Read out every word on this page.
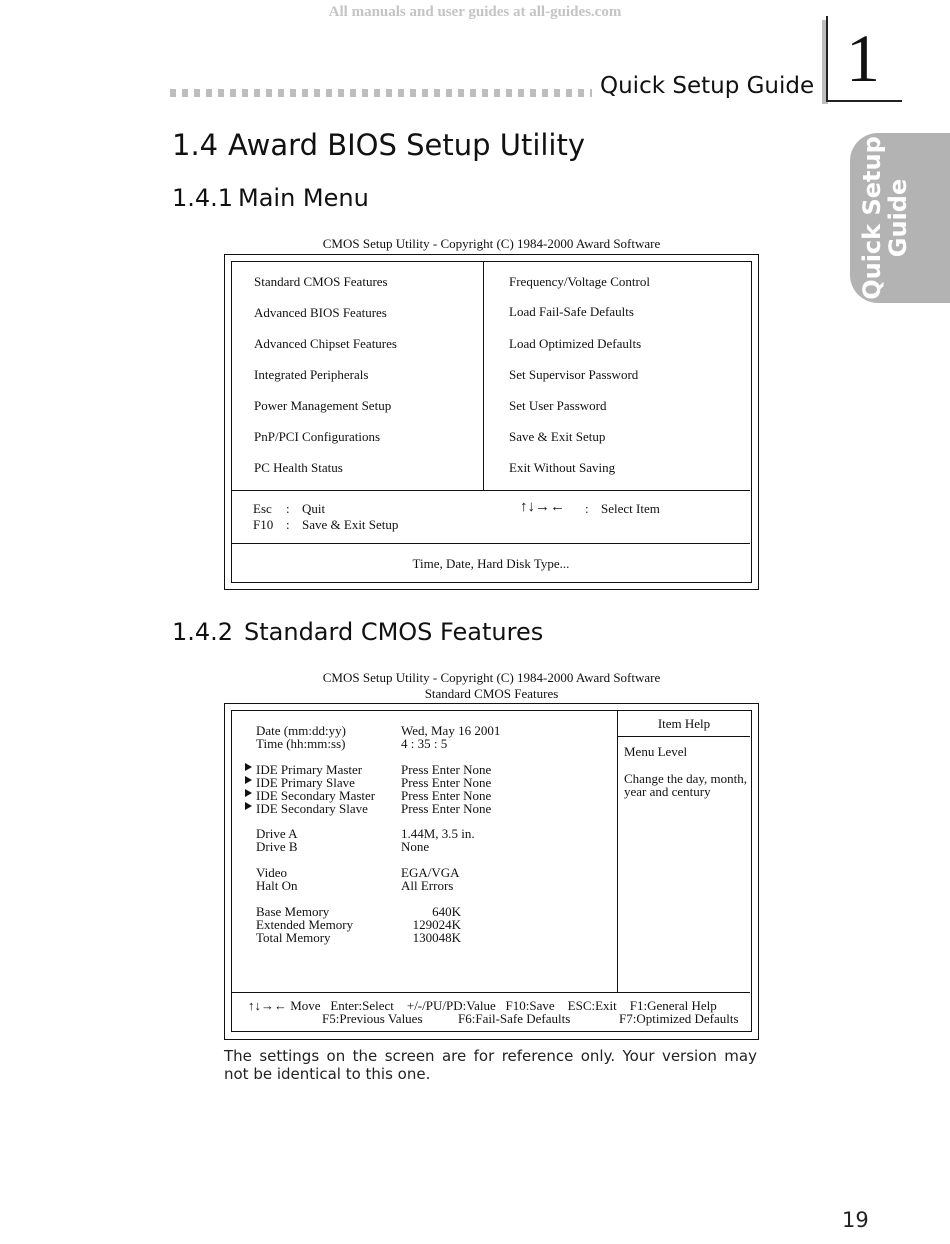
All manuals and user guides at all-guides.com
Quick Setup Guide 1
Quick Setup
Guide
1.4 Award BIOS Setup Utility
1.4.1 Main Menu
CMOS Setup Utility - Copyright (C) 1984-2000 Award Software
Standard CMOS Features
Advanced BIOS Features
Advanced Chipset Features
Integrated Peripherals
Power Management Setup
PnP/PCI Configurations
PC Health Status
Frequency/Voltage Control
Load Fail-Safe Defaults
Load Optimized Defaults
Set Supervisor Password
Set User Password
Save & Exit Setup
Exit Without Saving
Esc : Quit
F10 : Save & Exit Setup
↑↓→← : Select Item
Time, Date, Hard Disk Type...
1.4.2 Standard CMOS Features
CMOS Setup Utility - Copyright (C) 1984-2000 Award Software
Standard CMOS Features
Date (mm:dd:yy)	Wed, May 16 2001
Time (hh:mm:ss)	4 : 35 : 5
IDE Primary Master	Press Enter None
IDE Primary Slave	Press Enter None
IDE Secondary Master Press Enter None
IDE Secondary Slave	Press Enter None
Drive A	1.44M, 3.5 in.
Drive B	None
Video	EGA/VGA
Halt On	All Errors
Base Memory	640K
Extended Memory	129024K
Total Memory	130048K
Item Help
Menu Level
Change the day, month,
year and century
↑↓→← Move   Enter:Select    +/-/PU/PD:Value   F10:Save    ESC:Exit    F1:General Help
F5:Previous Values	F6:Fail-Safe Defaults	F7:Optimized Defaults
The settings on the screen are for reference only. Your version may not be identical to this one.
19
